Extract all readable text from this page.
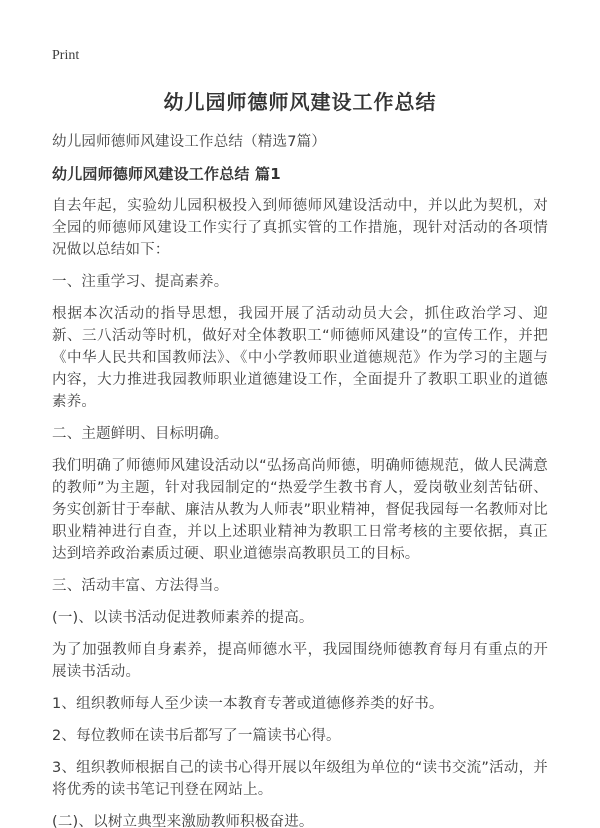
Print
幼儿园师德师风建设工作总结

幼儿园师德师风建设工作总结（精选7篇）

幼儿园师德师风建设工作总结 篇1

自去年起，实验幼儿园积极投入到师德师风建设活动中，并以此为契机，对全园的师德师风建设工作实行了真抓实管的工作措施，现针对活动的各项情况做以总结如下：

一、注重学习、提高素养。

根据本次活动的指导思想，我园开展了活动动员大会，抓住政治学习、迎新、三八活动等时机，做好对全体教职工“师德师风建设”的宣传工作，并把《中华人民共和国教师法》、《中小学教师职业道德规范》作为学习的主题与内容，大力推进我园教师职业道德建设工作，全面提升了教职工职业的道德素养。

二、主题鲜明、目标明确。

我们明确了师德师风建设活动以“弘扬高尚师德，明确师德规范，做人民满意的教师”为主题，针对我园制定的“热爱学生教书育人，爱岗敬业刻苦钻研、务实创新甘于奉献、廉洁从教为人师表”职业精神，督促我园每一名教师对比职业精神进行自查，并以上述职业精神为教职工日常考核的主要依据，真正达到培养政治素质过硬、职业道德崇高教职员工的目标。

三、活动丰富、方法得当。

(一)、以读书活动促进教师素养的提高。

为了加强教师自身素养，提高师德水平，我园围绕师德教育每月有重点的开展读书活动。

1、组织教师每人至少读一本教育专著或道德修养类的好书。

2、每位教师在读书后都写了一篇读书心得。

3、组织教师根据自己的读书心得开展以年级组为单位的“读书交流”活动，并将优秀的读书笔记刊登在网站上。

(二)、以树立典型来激励教师积极奋进。
